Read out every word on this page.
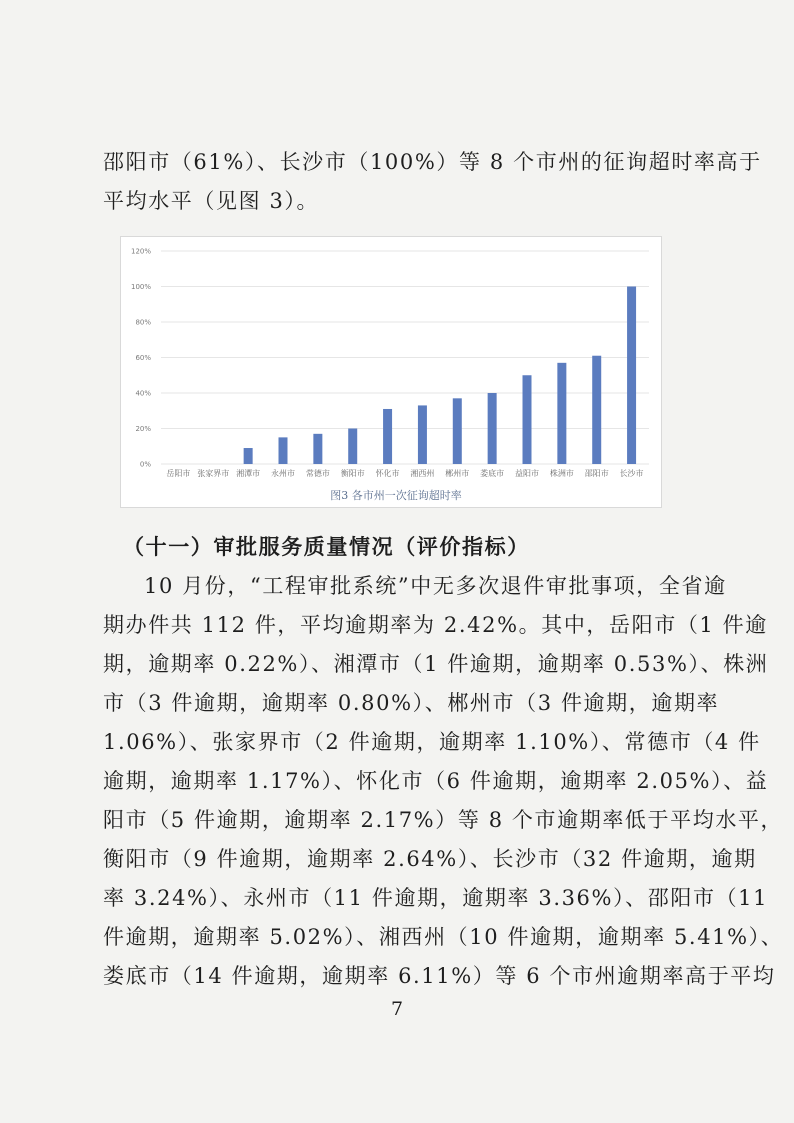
邵阳市（61%）、长沙市（100%）等 8 个市州的征询超时率高于
平均水平（见图 3）。
0%
20%
40%
60%
80%
100%
120%
岳阳市 张家界市 湘潭市 永州市 常德市 衡阳市 怀化市 湘西州 郴州市 娄底市 益阳市 株洲市 邵阳市 长沙市
图3 各市州一次征询超时率
（十一）审批服务质量情况（评价指标）
10 月份，“工程审批系统”中无多次退件审批事项，全省逾
期办件共 112 件，平均逾期率为 2.42%。其中，岳阳市（1 件逾
期，逾期率 0.22%）、湘潭市（1 件逾期，逾期率 0.53%）、株洲
市（3 件逾期，逾期率 0.80%）、郴州市（3 件逾期，逾期率
1.06%）、张家界市（2 件逾期，逾期率 1.10%）、常德市（4 件
逾期，逾期率 1.17%）、怀化市（6 件逾期，逾期率 2.05%）、益
阳市（5 件逾期，逾期率 2.17%）等 8 个市逾期率低于平均水平，
衡阳市（9 件逾期，逾期率 2.64%）、长沙市（32 件逾期，逾期
率 3.24%）、永州市（11 件逾期，逾期率 3.36%）、邵阳市（11
件逾期，逾期率 5.02%）、湘西州（10 件逾期，逾期率 5.41%）、
娄底市（14 件逾期，逾期率 6.11%）等 6 个市州逾期率高于平均
7
